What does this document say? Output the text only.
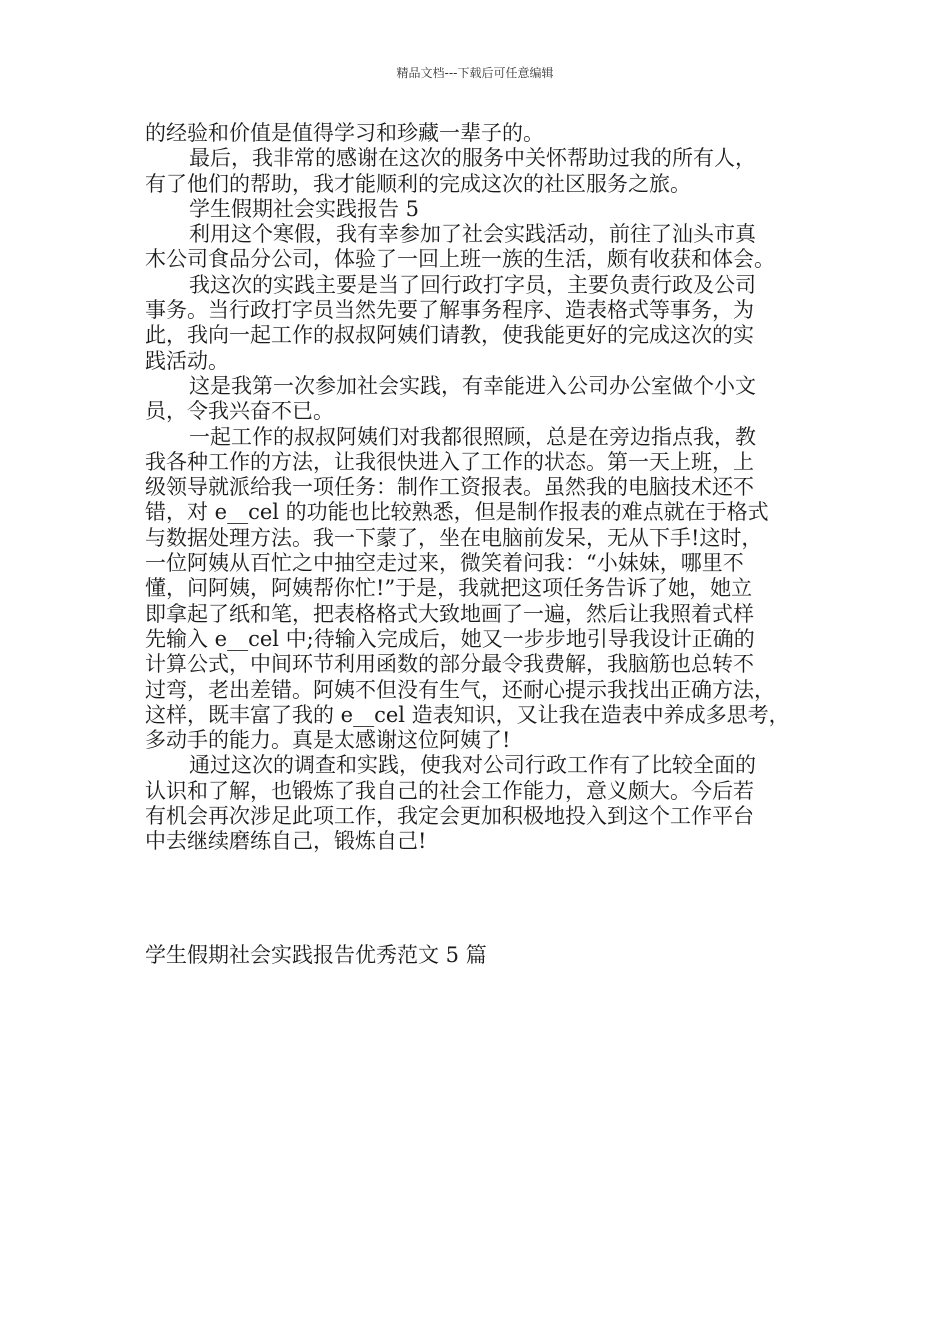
精品文档---下载后可任意编辑
的经验和价值是值得学习和珍藏一辈子的。
最后，我非常的感谢在这次的服务中关怀帮助过我的所有人，
有了他们的帮助，我才能顺利的完成这次的社区服务之旅。
学生假期社会实践报告 5
利用这个寒假，我有幸参加了社会实践活动，前往了汕头市真
木公司食品分公司，体验了一回上班一族的生活，颇有收获和体会。
我这次的实践主要是当了回行政打字员，主要负责行政及公司
事务。当行政打字员当然先要了解事务程序、造表格式等事务，为
此，我向一起工作的叔叔阿姨们请教，使我能更好的完成这次的实
践活动。
这是我第一次参加社会实践，有幸能进入公司办公室做个小文
员，令我兴奋不已。
一起工作的叔叔阿姨们对我都很照顾，总是在旁边指点我，教
我各种工作的方法，让我很快进入了工作的状态。第一天上班，上
级领导就派给我一项任务：制作工资报表。虽然我的电脑技术还不
错，对 e__cel 的功能也比较熟悉，但是制作报表的难点就在于格式
与数据处理方法。我一下蒙了，坐在电脑前发呆，无从下手!这时，
一位阿姨从百忙之中抽空走过来，微笑着问我：“小妹妹，哪里不
懂，问阿姨，阿姨帮你忙!”于是，我就把这项任务告诉了她，她立
即拿起了纸和笔，把表格格式大致地画了一遍，然后让我照着式样
先输入 e__cel 中;待输入完成后，她又一步步地引导我设计正确的
计算公式，中间环节利用函数的部分最令我费解，我脑筋也总转不
过弯，老出差错。阿姨不但没有生气，还耐心提示我找出正确方法，
这样，既丰富了我的 e__cel 造表知识，又让我在造表中养成多思考，
多动手的能力。真是太感谢这位阿姨了!
通过这次的调查和实践，使我对公司行政工作有了比较全面的
认识和了解，也锻炼了我自己的社会工作能力，意义颇大。今后若
有机会再次涉足此项工作，我定会更加积极地投入到这个工作平台
中去继续磨练自己，锻炼自己!
学生假期社会实践报告优秀范文 5 篇
